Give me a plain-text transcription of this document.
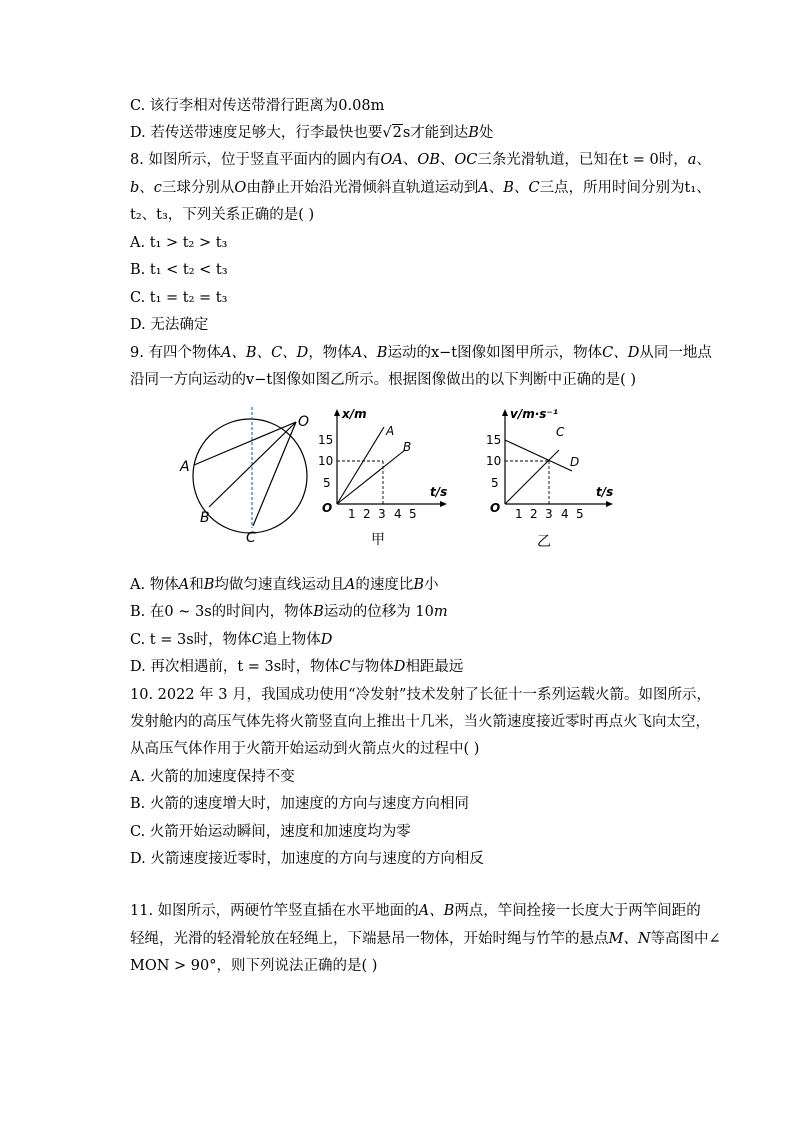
C. 该行李相对传送带滑行距离为0.08m
D. 若传送带速度足够大，行李最快也要√2s才能到达B处
8. 如图所示，位于竖直平面内的圆内有OA、OB、OC三条光滑轨道，已知在t = 0时，a、
b、c三球分别从O由静止开始沿光滑倾斜直轨道运动到A、B、C三点，所用时间分别为t₁、
t₂、t₃，下列关系正确的是( )
A. t₁ > t₂ > t₃
B. t₁ < t₂ < t₃
C. t₁ = t₂ = t₃
D. 无法确定
9. 有四个物体A、B、C、D，物体A、B运动的x−t图像如图甲所示，物体C、D从同一地点
沿同一方向运动的v−t图像如图乙所示。根据图像做出的以下判断中正确的是( )
O
A
B
C
x/m
t/s
15
10
5
O 1 2 3 4 5
A
B
甲
v/m·s⁻¹
t/s
15
10
5
O 1 2 3 4 5
C
D
乙
A. 物体A和B均做匀速直线运动且A的速度比B小
B. 在0 ~ 3s的时间内，物体B运动的位移为 10m
C. t = 3s时，物体C追上物体D
D. 再次相遇前，t = 3s时，物体C与物体D相距最远
10. 2022 年 3 月，我国成功使用“冷发射”技术发射了长征十一系列运载火箭。如图所示，
发射舱内的高压气体先将火箭竖直向上推出十几米，当火箭速度接近零时再点火飞向太空，
从高压气体作用于火箭开始运动到火箭点火的过程中( )
A. 火箭的加速度保持不变
B. 火箭的速度增大时，加速度的方向与速度方向相同
C. 火箭开始运动瞬间，速度和加速度均为零
D. 火箭速度接近零时，加速度的方向与速度的方向相反
11. 如图所示，两硬竹竿竖直插在水平地面的A、B两点，竿间拴接一长度大于两竿间距的
轻绳，光滑的轻滑轮放在轻绳上，下端悬吊一物体，开始时绳与竹竿的悬点M、N等高图中∠
MON > 90°，则下列说法正确的是( )
